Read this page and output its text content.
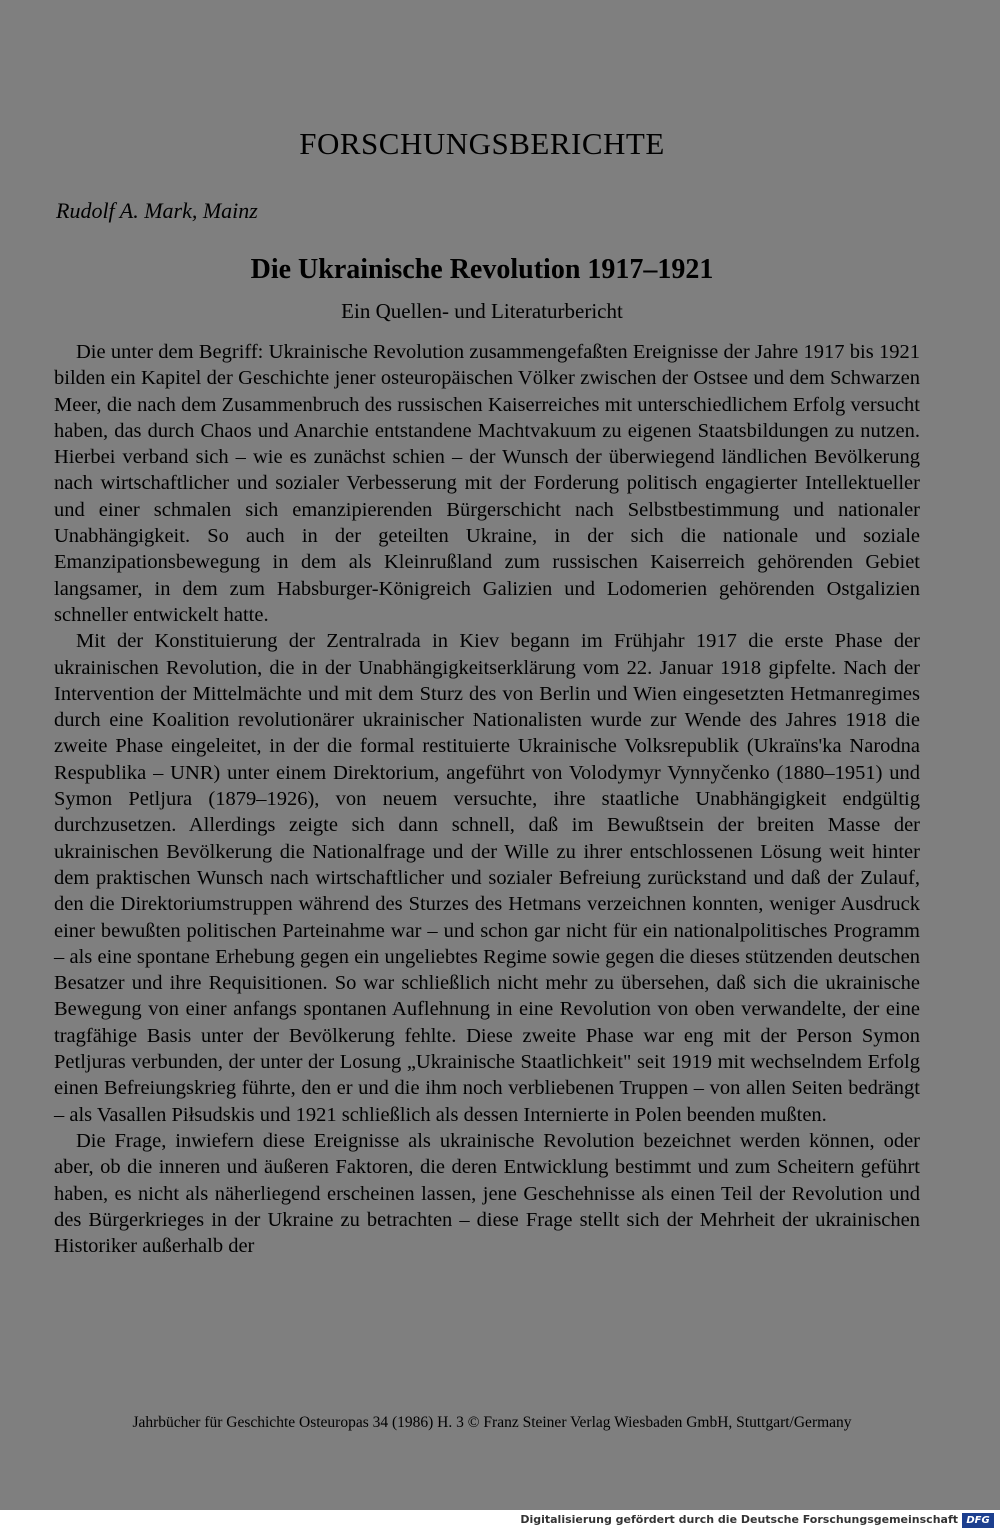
FORSCHUNGSBERICHTE

Rudolf A. Mark, Mainz

Die Ukrainische Revolution 1917–1921

Ein Quellen- und Literaturbericht

Die unter dem Begriff: Ukrainische Revolution zusammengefaßten Ereignisse der Jahre 1917 bis 1921 bilden ein Kapitel der Geschichte jener osteuropäischen Völker zwischen der Ostsee und dem Schwarzen Meer, die nach dem Zusammenbruch des russischen Kaiserreiches mit unterschiedlichem Erfolg versucht haben, das durch Chaos und Anarchie entstandene Machtvakuum zu eigenen Staatsbildungen zu nutzen. Hierbei verband sich – wie es zunächst schien – der Wunsch der überwiegend ländlichen Bevölkerung nach wirtschaftlicher und sozialer Verbesserung mit der Forderung politisch engagierter Intellektueller und einer schmalen sich emanzipierenden Bürgerschicht nach Selbstbestimmung und nationaler Unabhängigkeit. So auch in der geteilten Ukraine, in der sich die nationale und soziale Emanzipationsbewegung in dem als Kleinrußland zum russischen Kaiserreich gehörenden Gebiet langsamer, in dem zum Habsburger-Königreich Galizien und Lodomerien gehörenden Ostgalizien schneller entwickelt hatte.

Mit der Konstituierung der Zentralrada in Kiev begann im Frühjahr 1917 die erste Phase der ukrainischen Revolution, die in der Unabhängigkeitserklärung vom 22. Januar 1918 gipfelte. Nach der Intervention der Mittelmächte und mit dem Sturz des von Berlin und Wien eingesetzten Hetmanregimes durch eine Koalition revolutionärer ukrainischer Nationalisten wurde zur Wende des Jahres 1918 die zweite Phase eingeleitet, in der die formal restituierte Ukrainische Volksrepublik (Ukraïns'ka Narodna Respublika – UNR) unter einem Direktorium, angeführt von Volodymyr Vynnyčenko (1880–1951) und Symon Petljura (1879–1926), von neuem versuchte, ihre staatliche Unabhängigkeit endgültig durchzusetzen. Allerdings zeigte sich dann schnell, daß im Bewußtsein der breiten Masse der ukrainischen Bevölkerung die Nationalfrage und der Wille zu ihrer entschlossenen Lösung weit hinter dem praktischen Wunsch nach wirtschaftlicher und sozialer Befreiung zurückstand und daß der Zulauf, den die Direktoriumstruppen während des Sturzes des Hetmans verzeichnen konnten, weniger Ausdruck einer bewußten politischen Parteinahme war – und schon gar nicht für ein nationalpolitisches Programm – als eine spontane Erhebung gegen ein ungeliebtes Regime sowie gegen die dieses stützenden deutschen Besatzer und ihre Requisitionen. So war schließlich nicht mehr zu übersehen, daß sich die ukrainische Bewegung von einer anfangs spontanen Auflehnung in eine Revolution von oben verwandelte, der eine tragfähige Basis unter der Bevölkerung fehlte. Diese zweite Phase war eng mit der Person Symon Petljuras verbunden, der unter der Losung „Ukrainische Staatlichkeit" seit 1919 mit wechselndem Erfolg einen Befreiungskrieg führte, den er und die ihm noch verbliebenen Truppen – von allen Seiten bedrängt – als Vasallen Piłsudskis und 1921 schließlich als dessen Internierte in Polen beenden mußten.

Die Frage, inwiefern diese Ereignisse als ukrainische Revolution bezeichnet werden können, oder aber, ob die inneren und äußeren Faktoren, die deren Entwicklung bestimmt und zum Scheitern geführt haben, es nicht als näherliegend erscheinen lassen, jene Geschehnisse als einen Teil der Revolution und des Bürgerkrieges in der Ukraine zu betrachten – diese Frage stellt sich der Mehrheit der ukrainischen Historiker außerhalb der

Jahrbücher für Geschichte Osteuropas 34 (1986) H. 3 © Franz Steiner Verlag Wiesbaden GmbH, Stuttgart/Germany

Digitalisierung gefördert durch die Deutsche Forschungsgemeinschaft DFG
